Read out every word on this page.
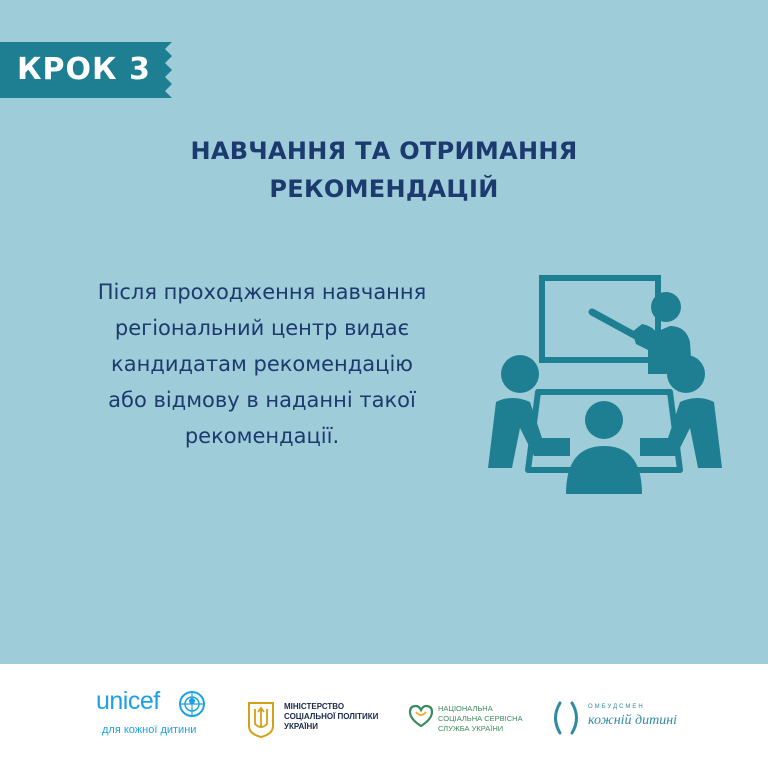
КРОК 3
НАВЧАННЯ ТА ОТРИМАННЯ
РЕКОМЕНДАЦІЙ
Після проходження навчання
регіональний центр видає
кандидатам рекомендацію
або відмову в наданні такої
рекомендації.
unicef
для кожної дитини
МІНІСТЕРСТВО
СОЦІАЛЬНОЇ ПОЛІТИКИ
УКРАЇНИ
НАЦІОНАЛЬНА
СОЦІАЛЬНА СЕРВІСНА
СЛУЖБА УКРАЇНИ
ОМБУДСМЕН
кожній дитині
